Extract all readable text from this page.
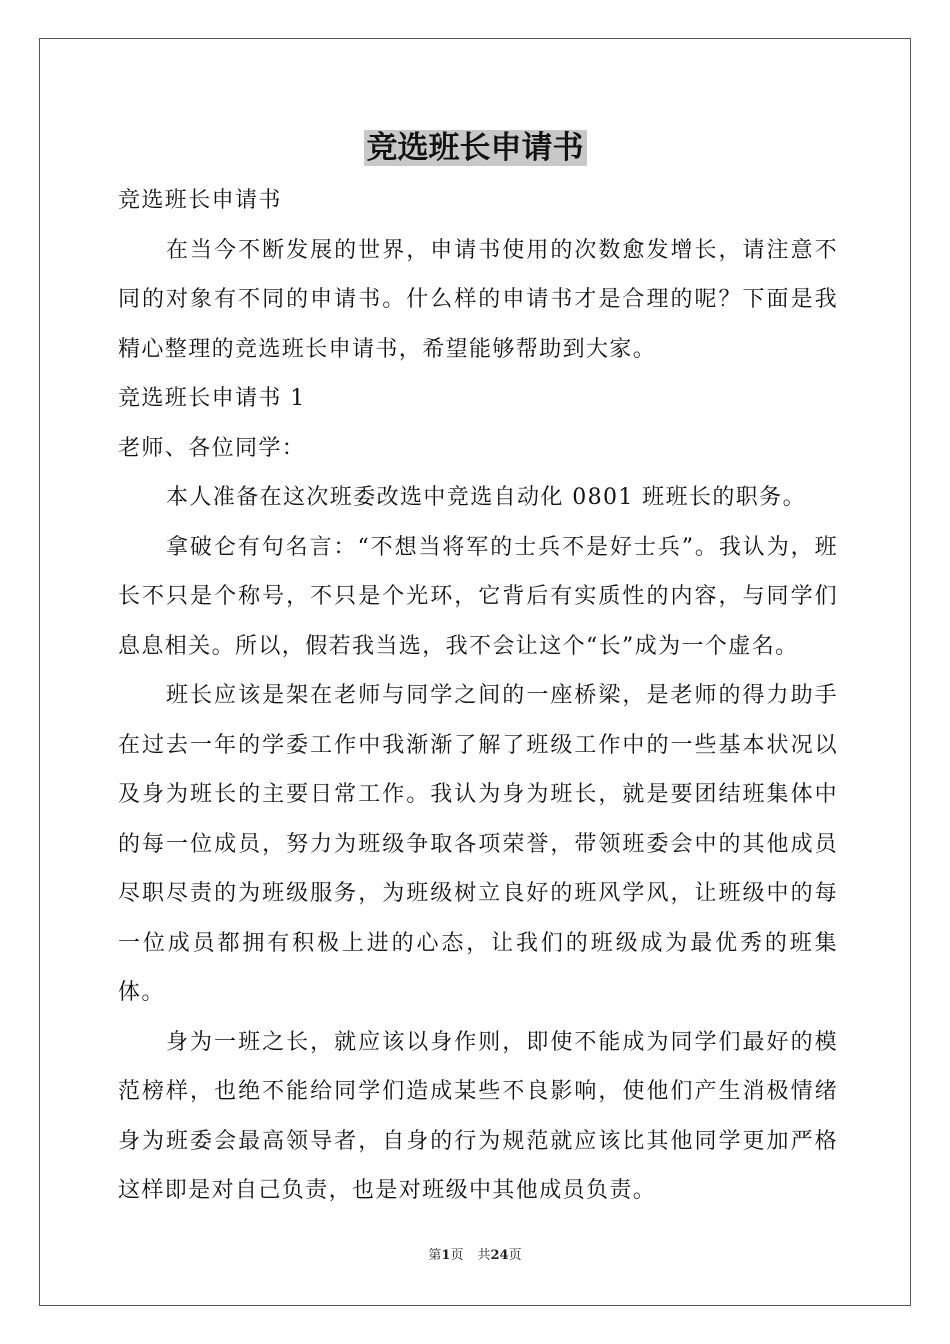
竞选班长申请书

竞选班长申请书

在当今不断发展的世界，申请书使用的次数愈发增长，请注意不同的对象有不同的申请书。什么样的申请书才是合理的呢？下面是我精心整理的竞选班长申请书，希望能够帮助到大家。

竞选班长申请书 1

老师、各位同学：

本人准备在这次班委改选中竞选自动化 0801 班班长的职务。

拿破仑有句名言：“不想当将军的士兵不是好士兵”。我认为，班长不只是个称号，不只是个光环，它背后有实质性的内容，与同学们息息相关。所以，假若我当选，我不会让这个“长”成为一个虚名。

班长应该是架在老师与同学之间的一座桥梁，是老师的得力助手在过去一年的学委工作中我渐渐了解了班级工作中的一些基本状况以及身为班长的主要日常工作。我认为身为班长，就是要团结班集体中的每一位成员，努力为班级争取各项荣誉，带领班委会中的其他成员尽职尽责的为班级服务，为班级树立良好的班风学风，让班级中的每一位成员都拥有积极上进的心态，让我们的班级成为最优秀的班集体。

身为一班之长，就应该以身作则，即使不能成为同学们最好的模范榜样，也绝不能给同学们造成某些不良影响，使他们产生消极情绪身为班委会最高领导者，自身的行为规范就应该比其他同学更加严格这样即是对自己负责，也是对班级中其他成员负责。

第1页 共24页
